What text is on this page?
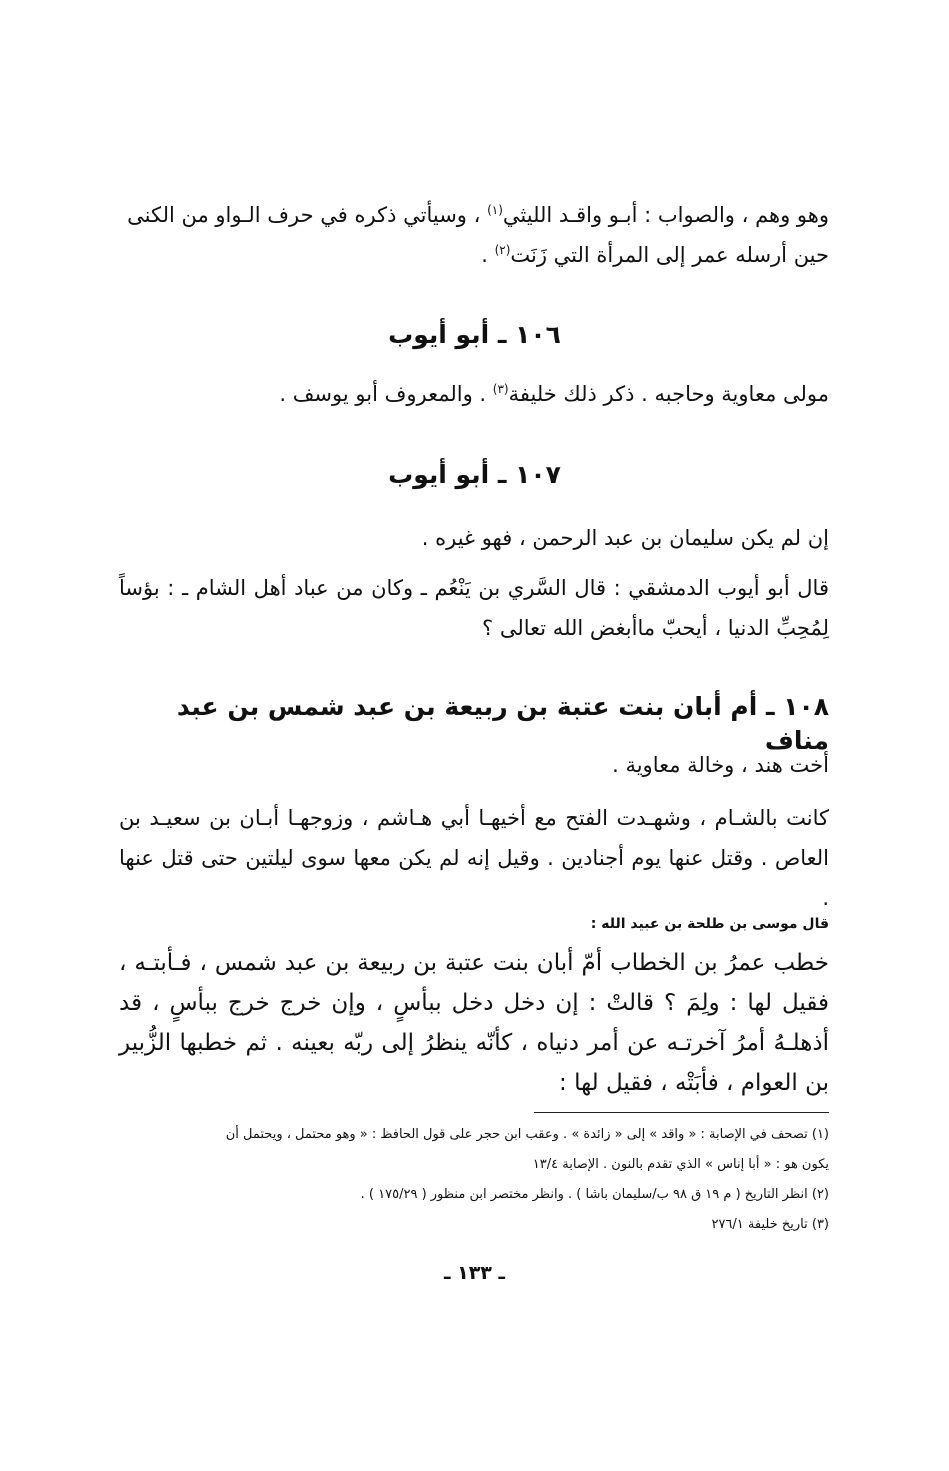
وهو وهم ، والصواب : أبـو واقـد الليثي$^{(١)}$ ، وسيأتي ذكره في حرف الـواو من الكنى

حين أرسله عمر إلى المرأة التي زَنَت$^{(٢)}$ .

١٠٦ ـ أبو أيوب

مولى معاوية وحاجبه . ذكر ذلك خليفة$^{(٣)}$ . والمعروف أبو يوسف .

١٠٧ ـ أبو أيوب

إن لم يكن سليمان بن عبد الرحمن ، فهو غيره .

قال أبو أيوب الدمشقي : قال السَّري بن يَنْعُم ـ وكان من عباد أهل الشام ـ : بؤساً لِمُحِبِّ الدنيا ، أيحبّ ماأبغض الله تعالى ؟

١٠٨ ـ أم أبان بنت عتبة بن ربيعة بن عبد شمس بن عبد مناف

أخت هند ، وخالة معاوية .

كانت بالشـام ، وشهـدت الفتح مع أخيهـا أبي هـاشم ، وزوجهـا أبـان بن سعيـد بن العاص . وقتل عنها يوم أجنادين . وقيل إنه لم يكن معها سوى ليلتين حتى قتل عنها .

قال موسى بن طلحة بن عبيد الله :

خطب عمرُ بن الخطاب أمّ أبان بنت عتبة بن ربيعة بن عبد شمس ، فـأبتـه ، فقيل لها : ولِمَ ؟ قالتْ : إن دخل دخل ببأسٍ ، وإن خرج خرج ببأسٍ ، قد أذهلـهُ أمرُ آخرتـه عن أمر دنياه ، كأنّه ينظرُ إلى ربّه بعينه . ثم خطبها الزُّبير بن العوام ، فأبَتْه ، فقيل لها :

(١) تصحف في الإصابة : « واقد » إلى « زائدة » . وعقب ابن حجر على قول الحافظ : « وهو محتمل ، ويحتمل أن

يكون هو : « أبا إناس » الذي تقدم بالنون . الإصابة ١٣/٤

(٢) انظر التاريخ ( م ١٩ ق ٩٨ ب/سليمان باشا ) . وانظر مختصر ابن منظور ( ١٧٥/٢٩ ) .

(٣) تاريخ خليفة ٢٧٦/١

ـ ١٣٣ ـ
